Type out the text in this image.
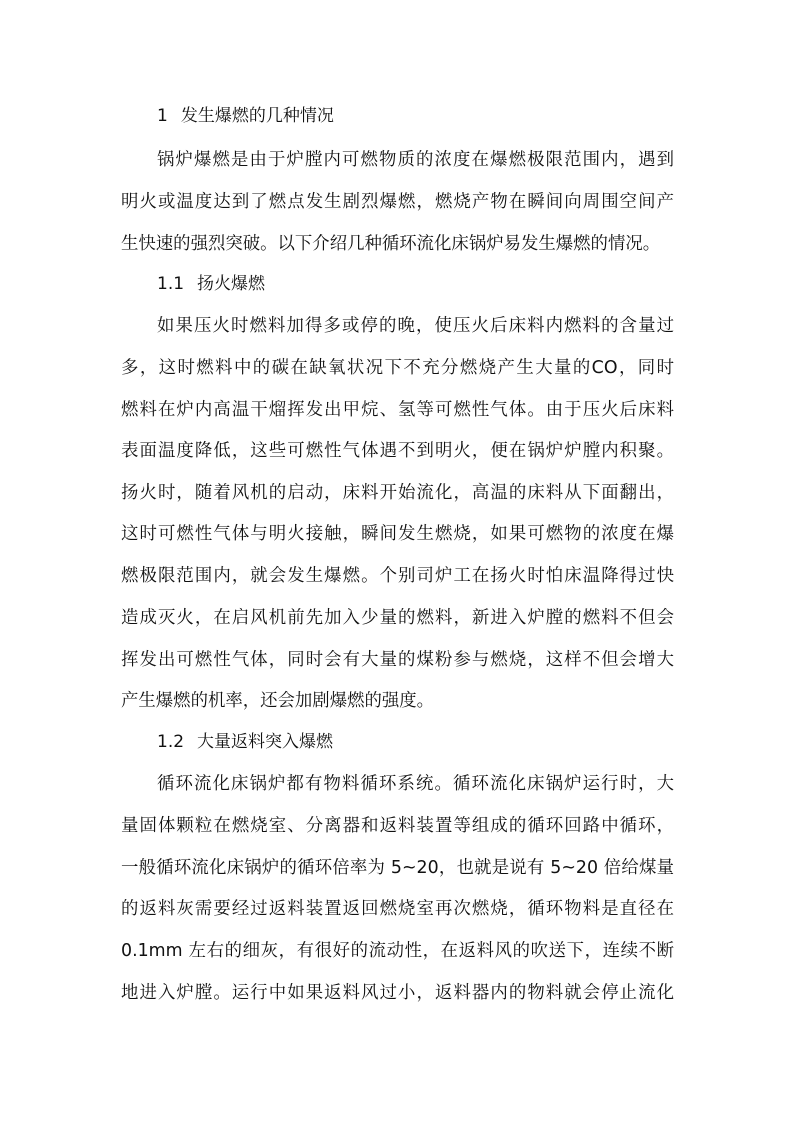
1 发生爆燃的几种情况
锅炉爆燃是由于炉膛内可燃物质的浓度在爆燃极限范围内，遇到
明火或温度达到了燃点发生剧烈爆燃，燃烧产物在瞬间向周围空间产
生快速的强烈突破。以下介绍几种循环流化床锅炉易发生爆燃的情况。
1.1 扬火爆燃
如果压火时燃料加得多或停的晚，使压火后床料内燃料的含量过
多，这时燃料中的碳在缺氧状况下不充分燃烧产生大量的CO，同时
燃料在炉内高温干熘挥发出甲烷、氢等可燃性气体。由于压火后床料
表面温度降低，这些可燃性气体遇不到明火，便在锅炉炉膛内积聚。
扬火时，随着风机的启动，床料开始流化，高温的床料从下面翻出，
这时可燃性气体与明火接触，瞬间发生燃烧，如果可燃物的浓度在爆
燃极限范围内，就会发生爆燃。个别司炉工在扬火时怕床温降得过快
造成灭火，在启风机前先加入少量的燃料，新进入炉膛的燃料不但会
挥发出可燃性气体，同时会有大量的煤粉参与燃烧，这样不但会增大
产生爆燃的机率，还会加剧爆燃的强度。
1.2 大量返料突入爆燃
循环流化床锅炉都有物料循环系统。循环流化床锅炉运行时，大
量固体颗粒在燃烧室、分离器和返料装置等组成的循环回路中循环，
一般循环流化床锅炉的循环倍率为 5~20，也就是说有 5~20 倍给煤量
的返料灰需要经过返料装置返回燃烧室再次燃烧，循环物料是直径在
0.1mm 左右的细灰，有很好的流动性，在返料风的吹送下，连续不断
地进入炉膛。运行中如果返料风过小，返料器内的物料就会停止流化
